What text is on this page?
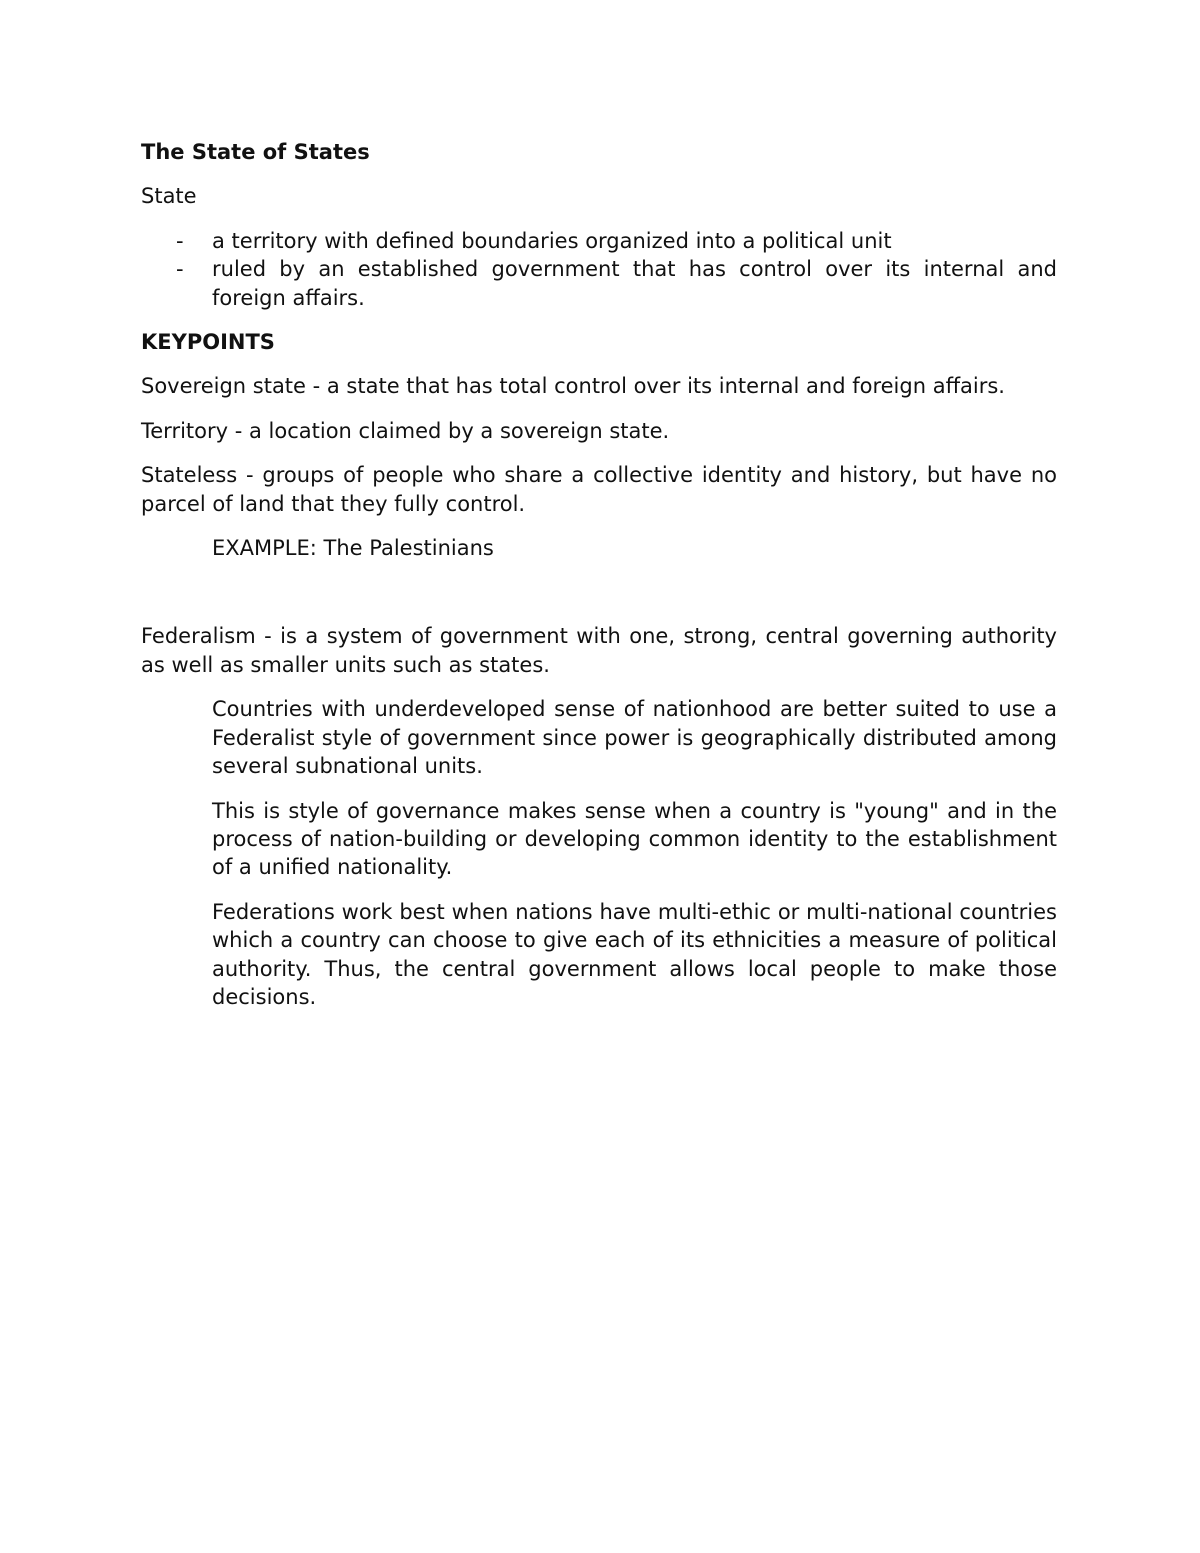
The State of States

State

- a territory with defined boundaries organized into a political unit
- ruled by an established government that has control over its internal and foreign affairs.

KEYPOINTS

Sovereign state - a state that has total control over its internal and foreign affairs.

Territory - a location claimed by a sovereign state.

Stateless - groups of people who share a collective identity and history, but have no parcel of land that they fully control.

EXAMPLE: The Palestinians

Federalism - is a system of government with one, strong, central governing authority as well as smaller units such as states.

Countries with underdeveloped sense of nationhood are better suited to use a Federalist style of government since power is geographically distributed among several subnational units.

This is style of governance makes sense when a country is "young" and in the process of nation-building or developing common identity to the establishment of a unified nationality.

Federations work best when nations have multi-ethic or multi-national countries which a country can choose to give each of its ethnicities a measure of political authority. Thus, the central government allows local people to make those decisions.
